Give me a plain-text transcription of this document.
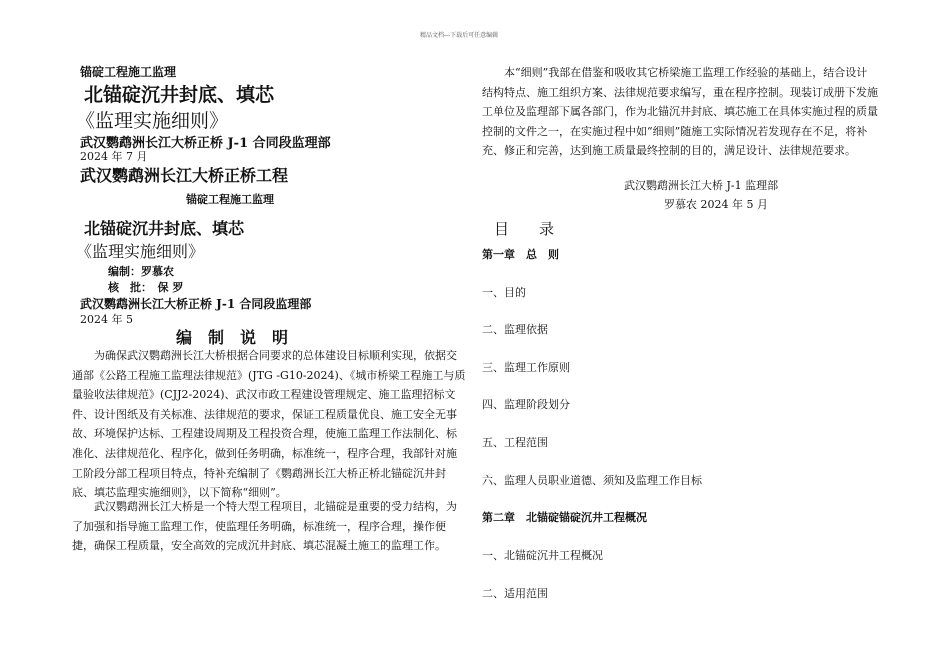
精品文档---下载后可任意编辑
锚碇工程施工监理
北锚碇沉井封底、填芯
《监理实施细则》
武汉鹦鹉洲长江大桥正桥 J-1 合同段监理部
2024 年 7 月
武汉鹦鹉洲长江大桥正桥工程
锚碇工程施工监理
北锚碇沉井封底、填芯
《监理实施细则》
编制：罗慕农
核　批：　保 罗
武汉鹦鹉洲长江大桥正桥 J-1 合同段监理部
2024 年 5
编　制　说　明
为确保武汉鹦鹉洲长江大桥根据合同要求的总体建设目标顺利实现，依据交通部《公路工程施工监理法律规范》(JTG -G10-2024)、《城市桥梁工程施工与质量验收法律规范》(CJJ2-2024)、武汉市政工程建设管理规定、施工监理招标文件、设计图纸及有关标准、法律规范的要求，保证工程质量优良、施工安全无事故、环境保护达标、工程建设周期及工程投资合理，使施工监理工作法制化、标准化、法律规范化、程序化，做到任务明确，标准统一，程序合理，我部针对施工阶段分部工程项目特点，特补充编制了《鹦鹉洲长江大桥正桥北锚碇沉井封底、填芯监理实施细则》，以下简称“细则”。
武汉鹦鹉洲长江大桥是一个特大型工程项目，北锚碇是重要的受力结构，为了加强和指导施工监理工作，使监理任务明确，标准统一，程序合理，操作便捷，确保工程质量，安全高效的完成沉井封底、填芯混凝土施工的监理工作。
本“细则”我部在借鉴和吸收其它桥梁施工监理工作经验的基础上，结合设计结构特点、施工组织方案、法律规范要求编写，重在程序控制。现装订成册下发施工单位及监理部下属各部门，作为北锚沉井封底、填芯施工在具体实施过程的质量控制的文件之一，在实施过程中如“细则”随施工实际情况若发现存在不足，将补充、修正和完善，达到施工质量最终控制的目的，满足设计、法律规范要求。
武汉鹦鹉洲长江大桥 J-1 监理部
罗慕农 2024 年 5 月
目　　录
第一章　总　则
一、目的
二、监理依据
三、监理工作原则
四、监理阶段划分
五、工程范围
六、监理人员职业道德、须知及监理工作目标
第二章　北锚碇锚碇沉井工程概况
一、北锚碇沉井工程概况
二、适用范围
